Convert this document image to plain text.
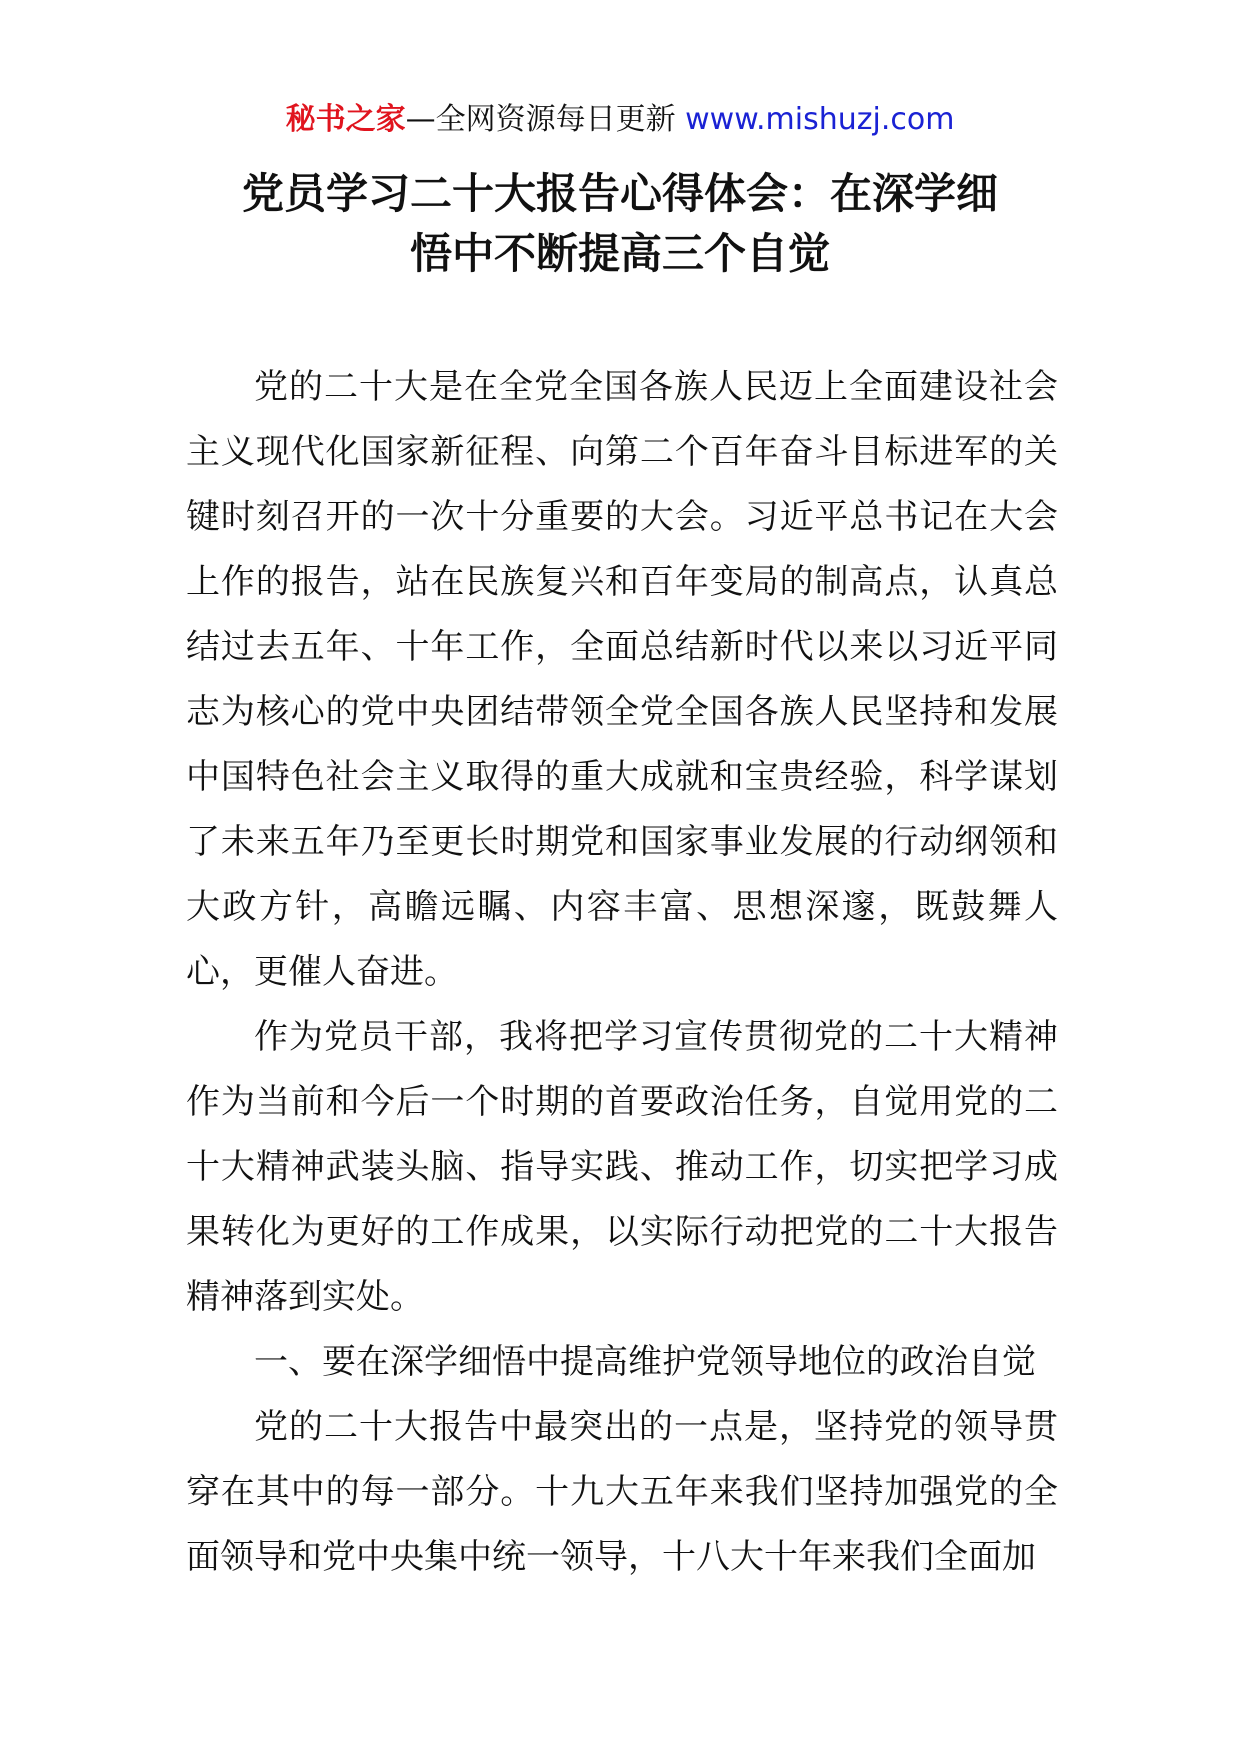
秘书之家—全网资源每日更新 www.mishuzj.com
党员学习二十大报告心得体会：在深学细
悟中不断提高三个自觉

党的二十大是在全党全国各族人民迈上全面建设社会主义现代化国家新征程、向第二个百年奋斗目标进军的关键时刻召开的一次十分重要的大会。习近平总书记在大会上作的报告，站在民族复兴和百年变局的制高点，认真总结过去五年、十年工作，全面总结新时代以来以习近平同志为核心的党中央团结带领全党全国各族人民坚持和发展中国特色社会主义取得的重大成就和宝贵经验，科学谋划了未来五年乃至更长时期党和国家事业发展的行动纲领和大政方针，高瞻远瞩、内容丰富、思想深邃，既鼓舞人心，更催人奋进。

作为党员干部，我将把学习宣传贯彻党的二十大精神作为当前和今后一个时期的首要政治任务，自觉用党的二十大精神武装头脑、指导实践、推动工作，切实把学习成果转化为更好的工作成果，以实际行动把党的二十大报告精神落到实处。

一、要在深学细悟中提高维护党领导地位的政治自觉

党的二十大报告中最突出的一点是，坚持党的领导贯穿在其中的每一部分。十九大五年来我们坚持加强党的全面领导和党中央集中统一领导，十八大十年来我们全面加
